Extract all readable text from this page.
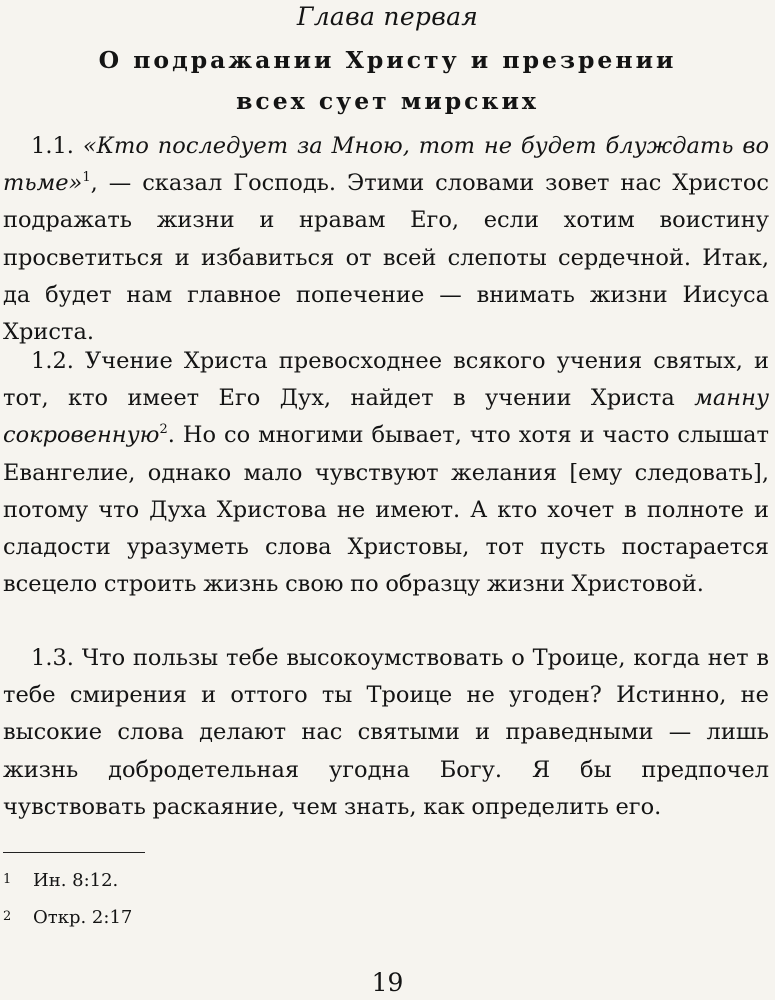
Глава первая
О подражании Христу и презрении
всех сует мирских

1.1. «Кто последует за Мною, тот не будет блуждать во тьме»$^1$, — сказал Господь. Этими словами зовет нас Христос подражать жизни и нравам Его, если хотим воистину просветиться и избавиться от всей слепоты сердечной. Итак, да будет нам главное попечение — внимать жизни Иисуса Христа.

1.2. Учение Христа превосходнее всякого учения святых, и тот, кто имеет Его Дух, найдет в учении Христа манну сокровенную$^2$. Но со многими бывает, что хотя и часто слышат Евангелие, однако мало чувствуют желания [ему следовать], потому что Духа Христова не имеют. А кто хочет в полноте и сладости уразуметь слова Христовы, тот пусть постарается всецело строить жизнь свою по образцу жизни Христовой.

1.3. Что пользы тебе высокоумствовать о Троице, когда нет в тебе смирения и оттого ты Троице не угоден? Истинно, не высокие слова делают нас святыми и праведными — лишь жизнь добродетельная угодна Богу. Я бы предпочел чувствовать раскаяние, чем знать, как определить его.

1 Ин. 8:12.
2 Откр. 2:17
19
